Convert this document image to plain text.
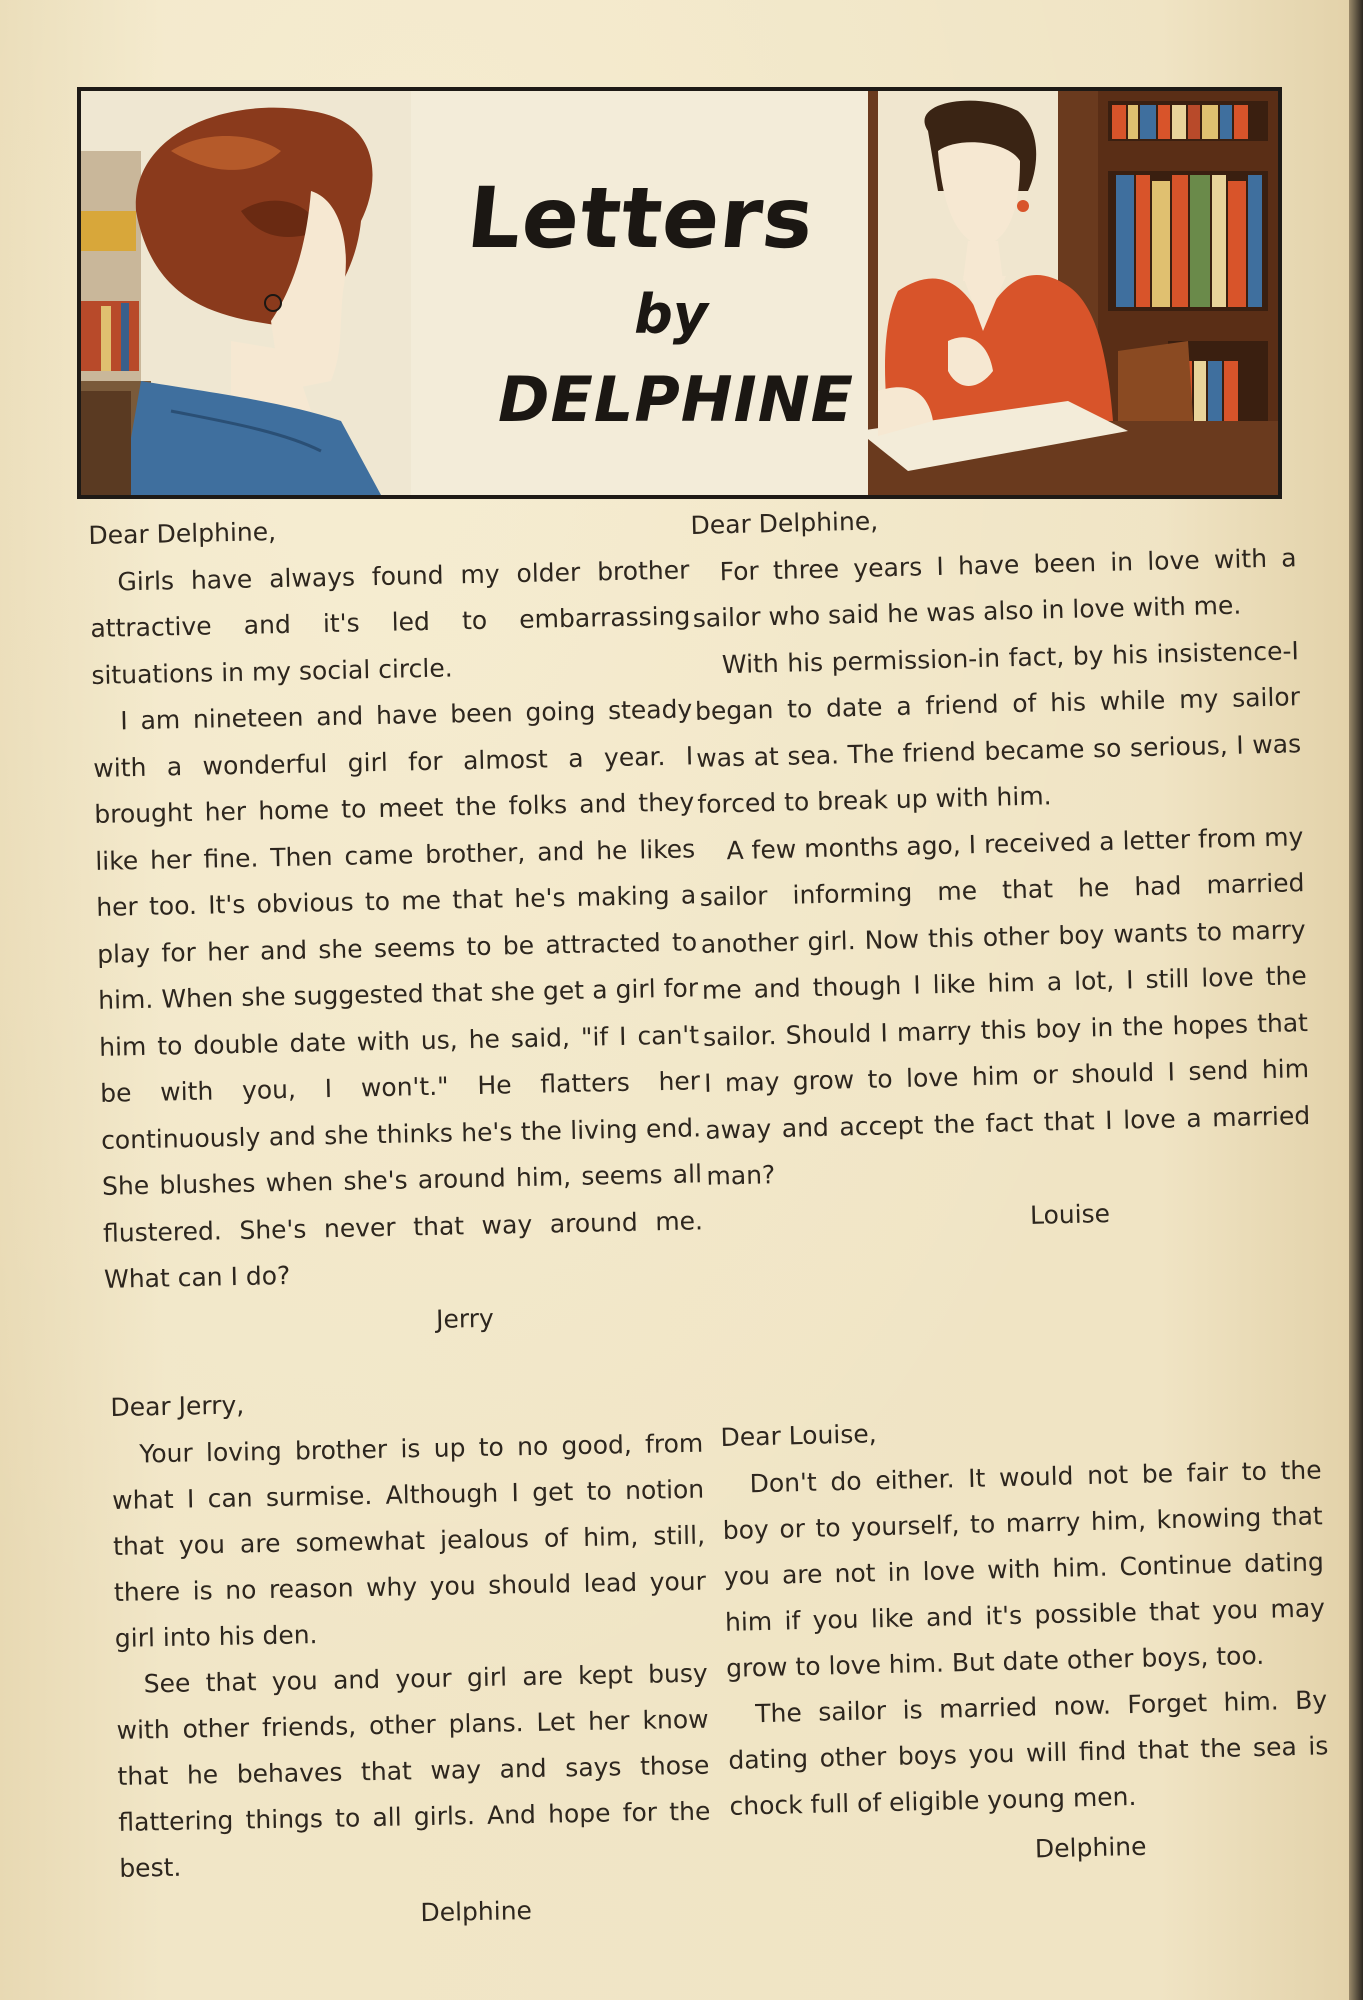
Letters
by
DELPHINE
Dear Delphine,

Girls have always found my older brother attractive and it's led to embarrassing situations in my social circle.

I am nineteen and have been going steady with a wonderful girl for almost a year. I brought her home to meet the folks and they like her fine. Then came brother, and he likes her too. It's obvious to me that he's making a play for her and she seems to be attracted to him. When she suggested that she get a girl for him to double date with us, he said, "if I can't be with you, I won't." He flatters her continuously and she thinks he's the living end. She blushes when she's around him, seems all flustered. She's never that way around me. What can I do?

Jerry
Dear Delphine,

For three years I have been in love with a sailor who said he was also in love with me.

With his permission-in fact, by his insistence-I began to date a friend of his while my sailor was at sea. The friend became so serious, I was forced to break up with him.

A few months ago, I received a letter from my sailor informing me that he had married another girl. Now this other boy wants to marry me and though I like him a lot, I still love the sailor. Should I marry this boy in the hopes that I may grow to love him or should I send him away and accept the fact that I love a married man?

Louise
Dear Jerry,

Your loving brother is up to no good, from what I can surmise. Although I get to notion that you are somewhat jealous of him, still, there is no reason why you should lead your girl into his den.

See that you and your girl are kept busy with other friends, other plans. Let her know that he behaves that way and says those flattering things to all girls. And hope for the best.

Delphine
Dear Louise,

Don't do either. It would not be fair to the boy or to yourself, to marry him, knowing that you are not in love with him. Continue dating him if you like and it's possible that you may grow to love him. But date other boys, too.

The sailor is married now. Forget him. By dating other boys you will find that the sea is chock full of eligible young men.

Delphine
